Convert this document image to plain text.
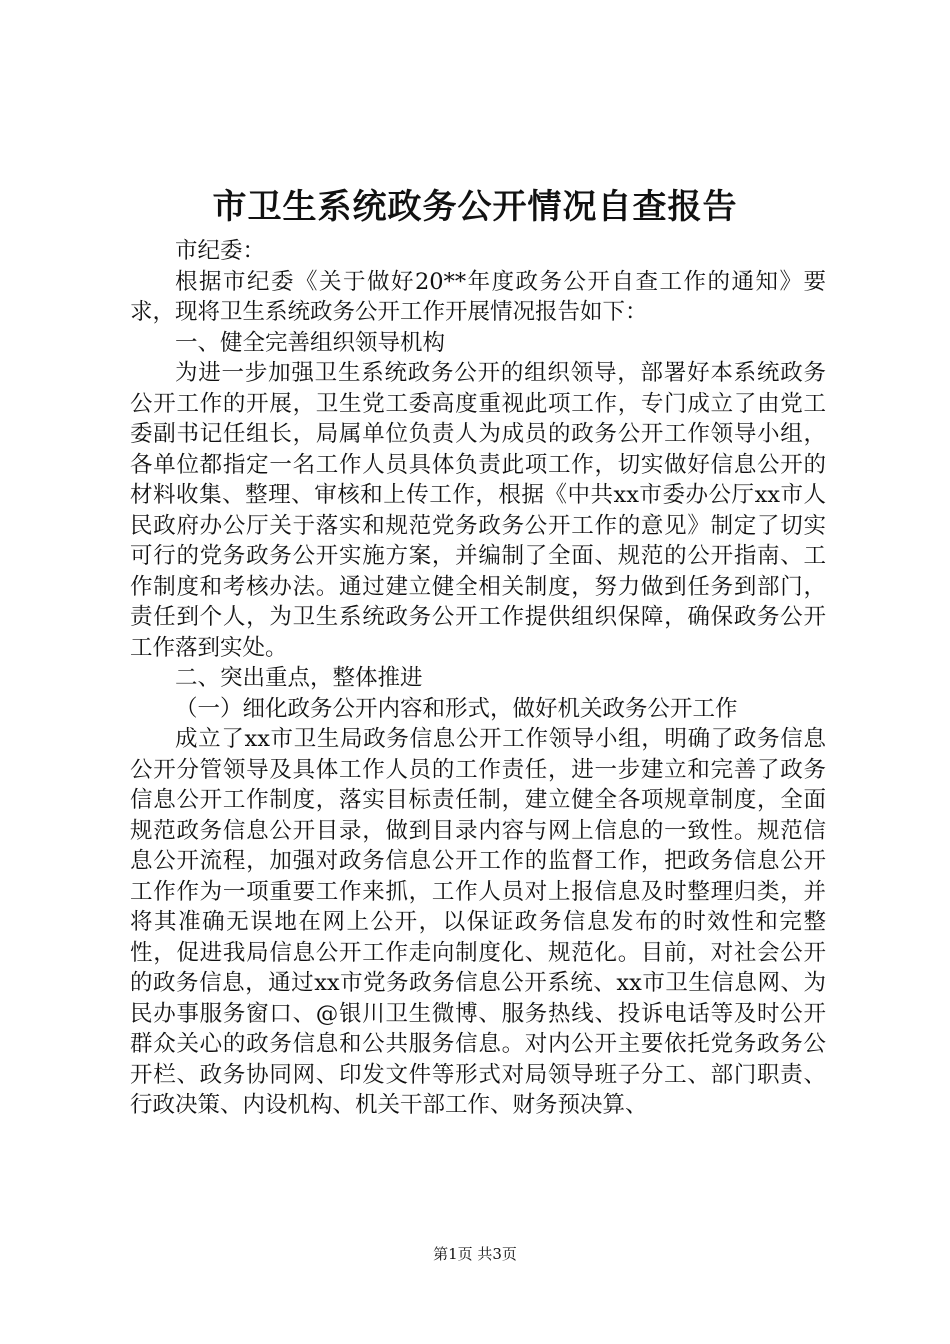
市卫生系统政务公开情况自查报告

市纪委：

根据市纪委《关于做好20**年度政务公开自查工作的通知》要求，现将卫生系统政务公开工作开展情况报告如下：

一、健全完善组织领导机构

为进一步加强卫生系统政务公开的组织领导，部署好本系统政务公开工作的开展，卫生党工委高度重视此项工作，专门成立了由党工委副书记任组长，局属单位负责人为成员的政务公开工作领导小组，各单位都指定一名工作人员具体负责此项工作，切实做好信息公开的材料收集、整理、审核和上传工作，根据《中共xx市委办公厅xx市人民政府办公厅关于落实和规范党务政务公开工作的意见》制定了切实可行的党务政务公开实施方案，并编制了全面、规范的公开指南、工作制度和考核办法。通过建立健全相关制度，努力做到任务到部门，责任到个人，为卫生系统政务公开工作提供组织保障，确保政务公开工作落到实处。

二、突出重点，整体推进

（一）细化政务公开内容和形式，做好机关政务公开工作

成立了xx市卫生局政务信息公开工作领导小组，明确了政务信息公开分管领导及具体工作人员的工作责任，进一步建立和完善了政务信息公开工作制度，落实目标责任制，建立健全各项规章制度，全面规范政务信息公开目录，做到目录内容与网上信息的一致性。规范信息公开流程，加强对政务信息公开工作的监督工作，把政务信息公开工作作为一项重要工作来抓，工作人员对上报信息及时整理归类，并将其准确无误地在网上公开，以保证政务信息发布的时效性和完整性，促进我局信息公开工作走向制度化、规范化。目前，对社会公开的政务信息，通过xx市党务政务信息公开系统、xx市卫生信息网、为民办事服务窗口、@银川卫生微博、服务热线、投诉电话等及时公开群众关心的政务信息和公共服务信息。对内公开主要依托党务政务公开栏、政务协同网、印发文件等形式对局领导班子分工、部门职责、行政决策、内设机构、机关干部工作、财务预决算、

第1页 共3页
